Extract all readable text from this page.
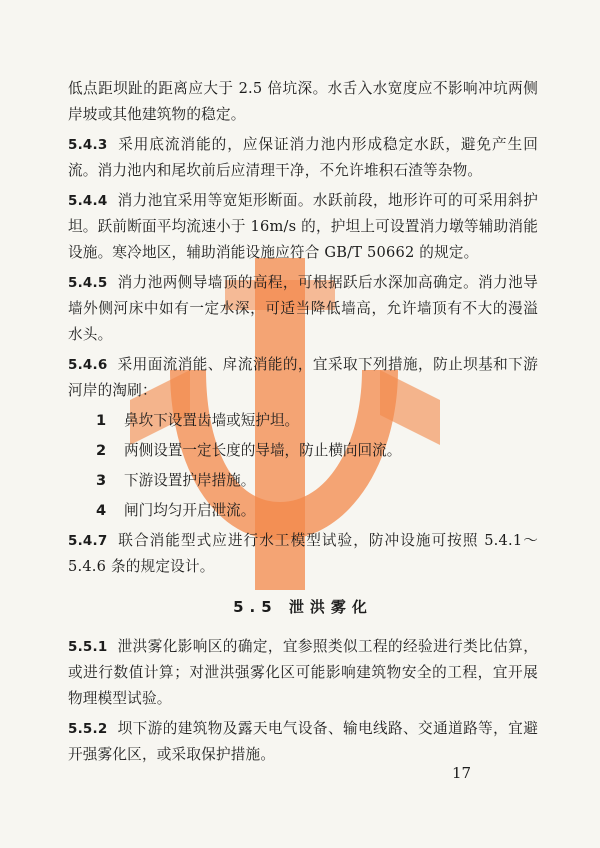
低点距坝趾的距离应大于 2.5 倍坑深。水舌入水宽度应不影响冲坑两侧岸坡或其他建筑物的稳定。

5.4.3 采用底流消能的，应保证消力池内形成稳定水跃，避免产生回流。消力池内和尾坎前后应清理干净，不允许堆积石渣等杂物。

5.4.4 消力池宜采用等宽矩形断面。水跃前段，地形许可的可采用斜护坦。跃前断面平均流速小于 16m/s 的，护坦上可设置消力墩等辅助消能设施。寒冷地区，辅助消能设施应符合 GB/T 50662 的规定。

5.4.5 消力池两侧导墙顶的高程，可根据跃后水深加高确定。消力池导墙外侧河床中如有一定水深，可适当降低墙高，允许墙顶有不大的漫溢水头。

5.4.6 采用面流消能、戽流消能的，宜采取下列措施，防止坝基和下游河岸的淘刷：

1 鼻坎下设置齿墙或短护坦。

2 两侧设置一定长度的导墙，防止横向回流。

3 下游设置护岸措施。

4 闸门均匀开启泄流。

5.4.7 联合消能型式应进行水工模型试验，防冲设施可按照 5.4.1～5.4.6 条的规定设计。

5.5 泄洪雾化

5.5.1 泄洪雾化影响区的确定，宜参照类似工程的经验进行类比估算，或进行数值计算；对泄洪强雾化区可能影响建筑物安全的工程，宜开展物理模型试验。

5.5.2 坝下游的建筑物及露天电气设备、输电线路、交通道路等，宜避开强雾化区，或采取保护措施。

17
